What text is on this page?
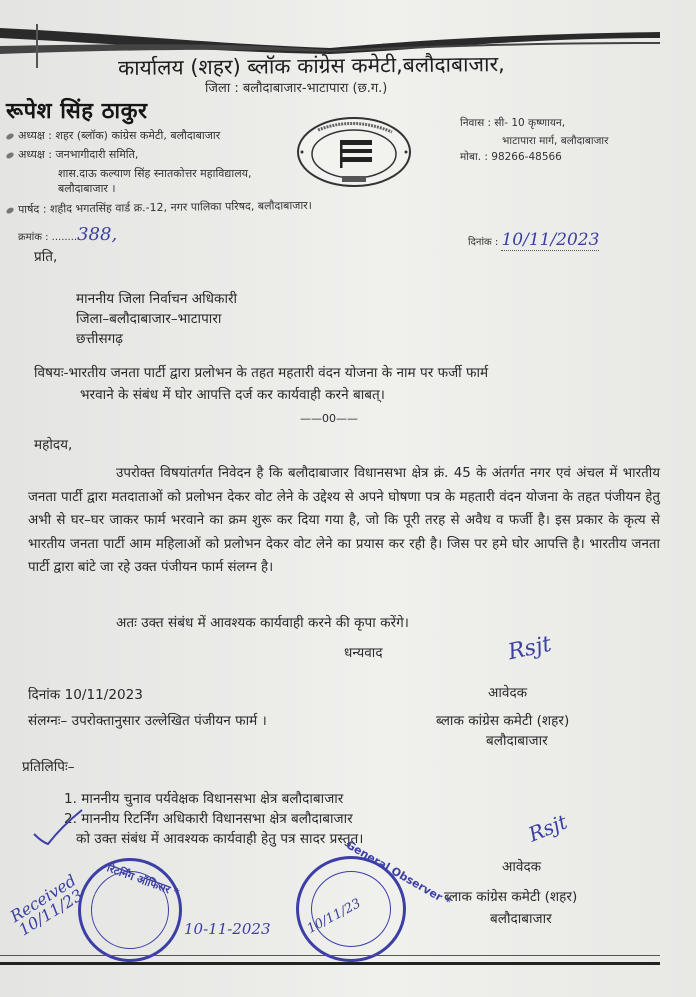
कार्यालय (शहर) ब्लॉक कांग्रेस कमेटी,बलौदाबाजार,
जिला : बलौदाबाजार-भाटापारा (छ.ग.)
रूपेश सिंह ठाकुर
अध्यक्ष : शहर (ब्लॉक) कांग्रेस कमेटी, बलौदाबाजार
अध्यक्ष : जनभागीदारी समिति,
शास.दाऊ कल्याण सिंह स्नातकोत्तर महाविद्यालय,
बलौदाबाजार ।
पार्षद : शहीद भगतसिंह वार्ड क्र.-12, नगर पालिका परिषद, बलौदाबाजार।
निवास : सी- 10 कृष्णायन,
भाटापारा मार्ग, बलौदाबाजार
मोबा. : 98266-48566
क्रमांक : ........388,	दिनांक : 10/11/2023
प्रति,
माननीय जिला निर्वाचन अधिकारी
जिला–बलौदाबाजार–भाटापारा
छत्तीसगढ़
विषयः-भारतीय जनता पार्टी द्वारा प्रलोभन के तहत महतारी वंदन योजना के नाम पर फर्जी फार्म
भरवाने के संबंध में घोर आपत्ति दर्ज कर कार्यवाही करने बाबत्।
——00——
महोदय,
उपरोक्त विषयांतर्गत निवेदन है कि बलौदाबाजार विधानसभा क्षेत्र क्रं. 45 के अंतर्गत नगर एवं अंचल में भारतीय जनता पार्टी द्वारा मतदाताओं को प्रलोभन देकर वोट लेने के उद्देश्य से अपने घोषणा पत्र के महतारी वंदन योजना के तहत पंजीयन हेतु अभी से घर–घर जाकर फार्म भरवाने का क्रम शुरू कर दिया गया है, जो कि पूरी तरह से अवैध व फर्जी है। इस प्रकार के कृत्य से भारतीय जनता पार्टी आम महिलाओं को प्रलोभन देकर वोट लेने का प्रयास कर रही है। जिस पर हमे घोर आपत्ति है। भारतीय जनता पार्टी द्वारा बांटे जा रहे उक्त पंजीयन फार्म संलग्न है।
अतः उक्त संबंध में आवश्यक कार्यवाही करने की कृपा करेंगे।
धन्यवाद	Rsjt
आवेदक
दिनांक 10/11/2023
संलग्नः– उपरोक्तानुसार उल्लेखित पंजीयन फार्म ।	ब्लाक कांग्रेस कमेटी (शहर)
बलौदाबाजार
प्रतिलिपिः–
1. माननीय चुनाव पर्यवेक्षक विधानसभा क्षेत्र बलौदाबाजार
2. माननीय रिटर्निंग अधिकारी विधानसभा क्षेत्र बलौदाबाजार
को उक्त संबंध में आवश्यक कार्यवाही हेतु पत्र सादर प्रस्तुत।	Rsjt
आवेदक
ब्लाक कांग्रेस कमेटी (शहर)
बलौदाबाजार
Received 10/11/23
रिटर्निंग ऑफिसर *
10-11-2023
General Observer *
10/11/23
